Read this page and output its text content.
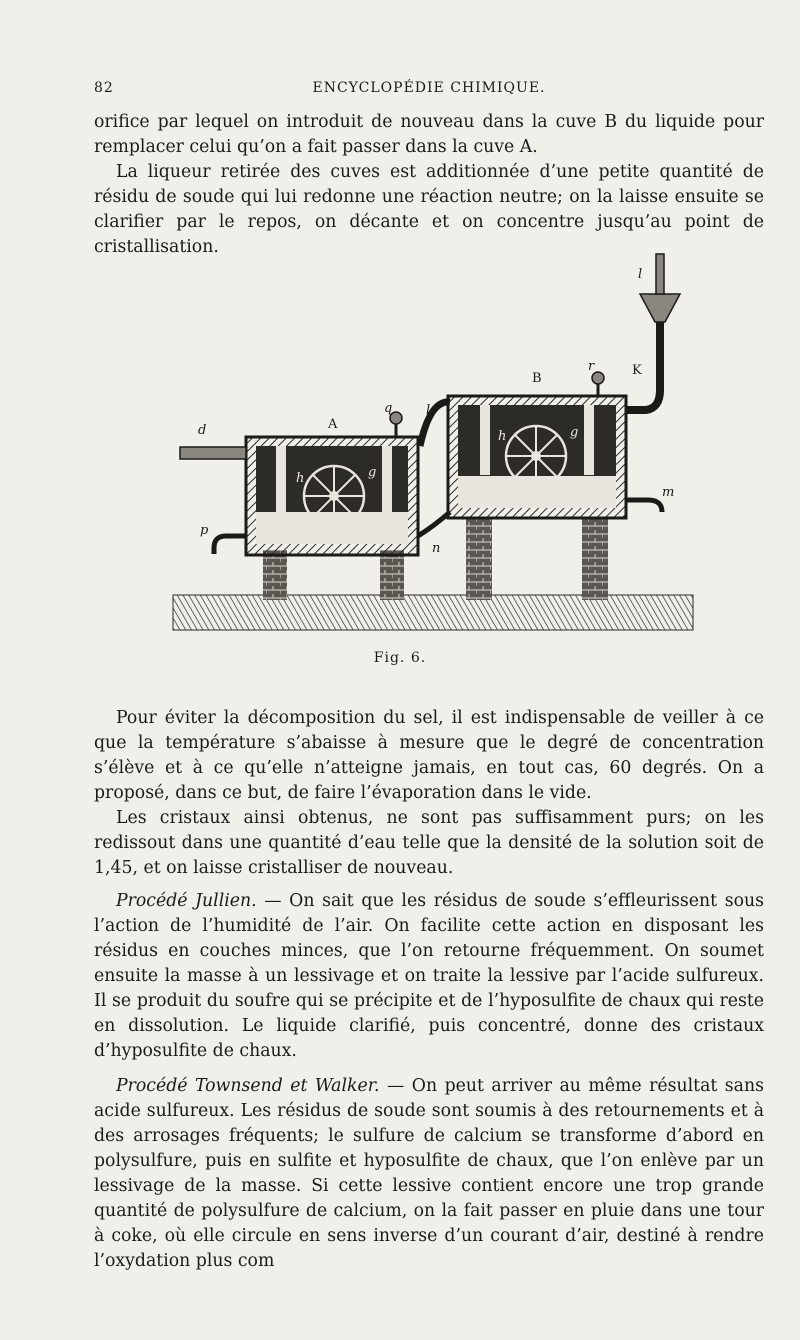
82	ENCYCLOPÉDIE CHIMIQUE.

orifice par lequel on introduit de nouveau dans la cuve B du liquide pour remplacer celui qu’on a fait passer dans la cuve A.

La liqueur retirée des cuves est additionnée d’une petite quantité de résidu de soude qui lui redonne une réaction neutre; on la laisse ensuite se clarifier par le repos, on décante et on concentre jusqu’au point de cristallisation.

d	A
q	l
B
r	K
l
p
n
m
h	g
h	g
Fig. 6.

Pour éviter la décomposition du sel, il est indispensable de veiller à ce que la température s’abaisse à mesure que le degré de concentration s’élève et à ce qu’elle n’atteigne jamais, en tout cas, 60 degrés. On a proposé, dans ce but, de faire l’évaporation dans le vide.

Les cristaux ainsi obtenus, ne sont pas suffisamment purs; on les redissout dans une quantité d’eau telle que la densité de la solution soit de 1,45, et on laisse cristalliser de nouveau.

Procédé Jullien. — On sait que les résidus de soude s’effleurissent sous l’action de l’humidité de l’air. On facilite cette action en disposant les résidus en couches minces, que l’on retourne fréquemment. On soumet ensuite la masse à un lessivage et on traite la lessive par l’acide sulfureux. Il se produit du soufre qui se précipite et de l’hyposulfite de chaux qui reste en dissolution. Le liquide clarifié, puis concentré, donne des cristaux d’hyposulfite de chaux.

Procédé Townsend et Walker. — On peut arriver au même résultat sans acide sulfureux. Les résidus de soude sont soumis à des retournements et à des arrosages fréquents; le sulfure de calcium se transforme d’abord en polysulfure, puis en sulfite et hyposulfite de chaux, que l’on enlève par un lessivage de la masse. Si cette lessive contient encore une trop grande quantité de polysulfure de calcium, on la fait passer en pluie dans une tour à coke, où elle circule en sens inverse d’un courant d’air, destiné à rendre l’oxydation plus com
